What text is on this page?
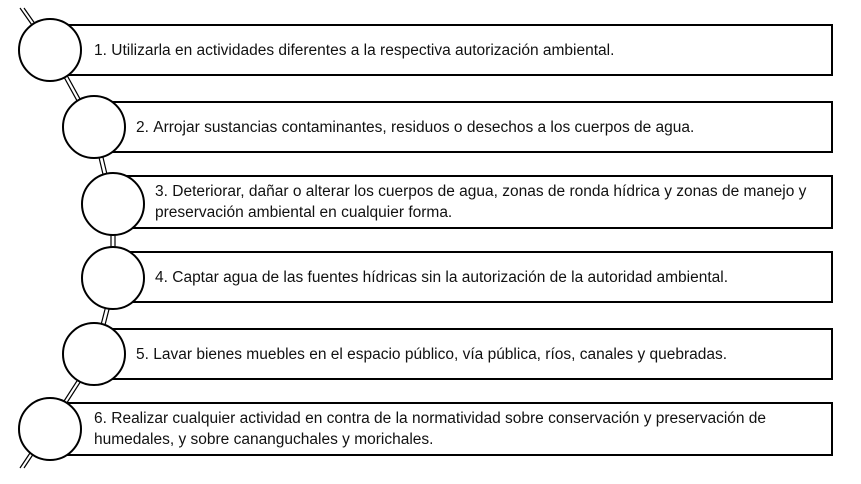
1.
Utilizarla en actividades diferentes a la respectiva autorización ambiental.
2.
Arrojar sustancias contaminantes, residuos o desechos a los cuerpos de agua.
3. Deteriorar, dañar o alterar los cuerpos de agua, zonas de ronda hídrica y zonas de manejo y preservación ambiental en cualquier forma.
4.
Captar agua de las fuentes hídricas sin la autorización de la autoridad ambiental.
5.
Lavar bienes muebles en el espacio público, vía pública, ríos, canales y quebradas.
6. Realizar cualquier actividad en contra de la normatividad sobre conservación y preservación de humedales, y sobre cananguchales y morichales.
